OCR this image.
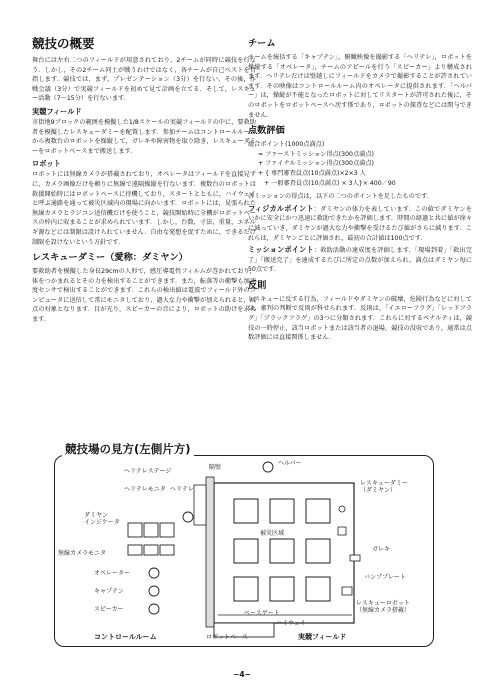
競技の概要

舞台には左右二つのフィールドが用意されており，2チームが同時に競技を行なう．しかし，その2チーム同士が戦うわけではなく，各チームが自己ベストを目指します．競技では，まず，プレゼンテーション（3分）を行ない，その後，作戦会議（3分）で実競フィールドを初めて見て計画を立てる．そして，レスキュー活動（7〜15分）を行ないます．

実競フィールド

市街地9ブロックの範囲を模擬した1/8スケールの実競フィールドの中に，要救助者を模擬したレスキューダミーを配置します．参加チームはコントロールルームから複数台のロボットを操縦して，ガレキや障害物を取り除き，レスキューダミーをロボットベースまで搬送します．

ロボット

ロボットには無線カメラが搭載されており，オペレータはフィールドを直接見ずに，カメラ画像だけを頼りに無線で遠隔操縦を行ないます．複数台のロボットは救援開始時にはロボットベースに待機しており，スタートとともに，ハイウェイと呼ぶ通路を通って被災区域内の現場に向かいます．ロボットには，見張られた無線カメラとラジコン送信機だけを使うこと，競技開始時に全機がロボットベースの枠内に収まることが求められています．しかし，台数，寸法，重量，エネルギ源などには制限は設けられていません．自由な発想を促すために，できるだけ制限を設けないという方針です．

レスキューダミー（愛称：ダミヤン）

要救助者を模擬した身長29cmの人形で，感圧導電性フィルムが巻かれており，体をつかまれるとその力を検出することができます．また，転落等の衝撃も加速度センサで検出することができます．これらの検出値は電波でフィールド外のコンピュータに送信して常にモニタしており，過大な力や衝撃が加えられると，減点の対象となります．目が光り，スピーカーの音により，ロボットの助けを求めます．

チーム

チームを統括する「キャプテン」，俯瞰映像を撮影する「ヘリテレ」，ロボットを操縦する「オペレータ」，チームのアピールを行う「スピーカー」より構成されます．ヘリテレだけは壁越しにフィールドをカメラで撮影することが許されています．その映像はコントロールルーム内のオペレータに提供されます．「ヘルパー」は，操縦が不能となったロボットに対してリスタートが許可された後に，そのロボットをロボットベースへ戻す係であり，ロボットの探査などには関与できません．

点数評価
総合ポイント(1000点満点)
= ファーストミッション得点(300点満点)
+ ファイナルミッション得点(300点満点)
+ { 専門審査員点(10点満点)×2×3 人
+ 一般審査員点(10点満点) × 3人}× 400／90

各ミッションの得点は，以下の二つのポイントを足したものです．

フィジカルポイント：ダミヤンの体力を表しています．この値でダミヤンをいかに安全にかつ迅速に救助できたかを評価します．時間の経過と共に値が徐々に減っていき，ダミヤンが過大な力や衝撃を受けるたび値がさらに減ります．これらは，ダミヤンごとに評価され，最初の合計値は100点です．

ミッションポイント：救助活動の達成度を評価します．「現場到着」「救出完了」「搬送完了」を達成するたびに所定の点数が加えられ，満点はダミヤン毎に50点です．

反則

レスキューに反する行為，フィールドやダミヤンの破壊，危険行為などに対しては，審判の判断で反則が科せられます．反則は，「イエローフラグ」「レッドフラグ」「ブラックフラグ」の3つに分類されます．これらに対するペナルティは，競技の一時停止，該当ロボットまたは該当者の退場，競技の没収であり，通常は点数評価には直接関係しません．

競技場の見方(左側片方)
ヘリテレステージ
ヘリテレモニタ ヘリテレ
隔壁
ヘルパー
ダミヤンインジケータ
無線カメラモニタ
オペレーター
キャプテン
スピーカー
コントロールルーム	ロボットベース	実競フィールド
被災区域
ベースゲート
ハイウェイ
レスキューダミー（ダミヤン）
ガレキ
バンププレート
レスキューロボット（無線カメラ搭載）
−4−
